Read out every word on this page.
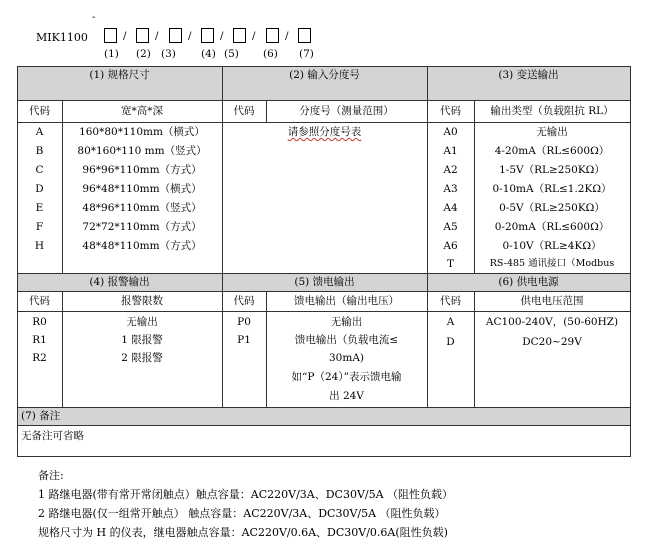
-
MIK1100	/	/	/	/	/	/
(1) (2) (3) (4) (5) (6) (7)
(1) 规格尺寸
代码	宽*高*深
A	160*80*110mm（横式）
B	80*160*110 mm（竖式）
C	96*96*110mm（方式）
D	96*48*110mm（横式）
E	48*96*110mm（竖式）
F	72*72*110mm（方式）
H	48*48*110mm（方式）
(2) 输入分度号
代码	分度号（测量范围）
请参照分度号表
(3) 变送输出
代码	输出类型（负载阻抗 RL）
A0	无输出
A1	4-20mA（RL≤600Ω）
A2	1-5V（RL≥250KΩ）
A3	0-10mA（RL≤1.2KΩ）
A4	0-5V（RL≥250KΩ）
A5	0-20mA（RL≤600Ω）
A6	0-10V（RL≥4KΩ）
T	RS-485 通讯接口（Modbus
(4) 报警输出
代码	报警限数
R0	无输出
R1	1 限报警
R2	2 限报警
(5) 馈电输出
代码	馈电输出（输出电压）
P0	无输出
P1	馈电输出（负载电流≤
30mA)
如“P（24）”表示馈电输
出 24V
(6) 供电电源
代码	供电电压范围
A	AC100-240V，(50-60HZ)
D	DC20~29V
(7) 备注
无备注可省略
备注:
1 路继电器(带有常开常闭触点）触点容量：AC220V/3A、DC30V/5A （阻性负载）
2 路继电器(仅一组常开触点） 触点容量：AC220V/3A、DC30V/5A （阻性负载）
规格尺寸为 H 的仪表，继电器触点容量：AC220V/0.6A、DC30V/0.6A(阻性负载)
